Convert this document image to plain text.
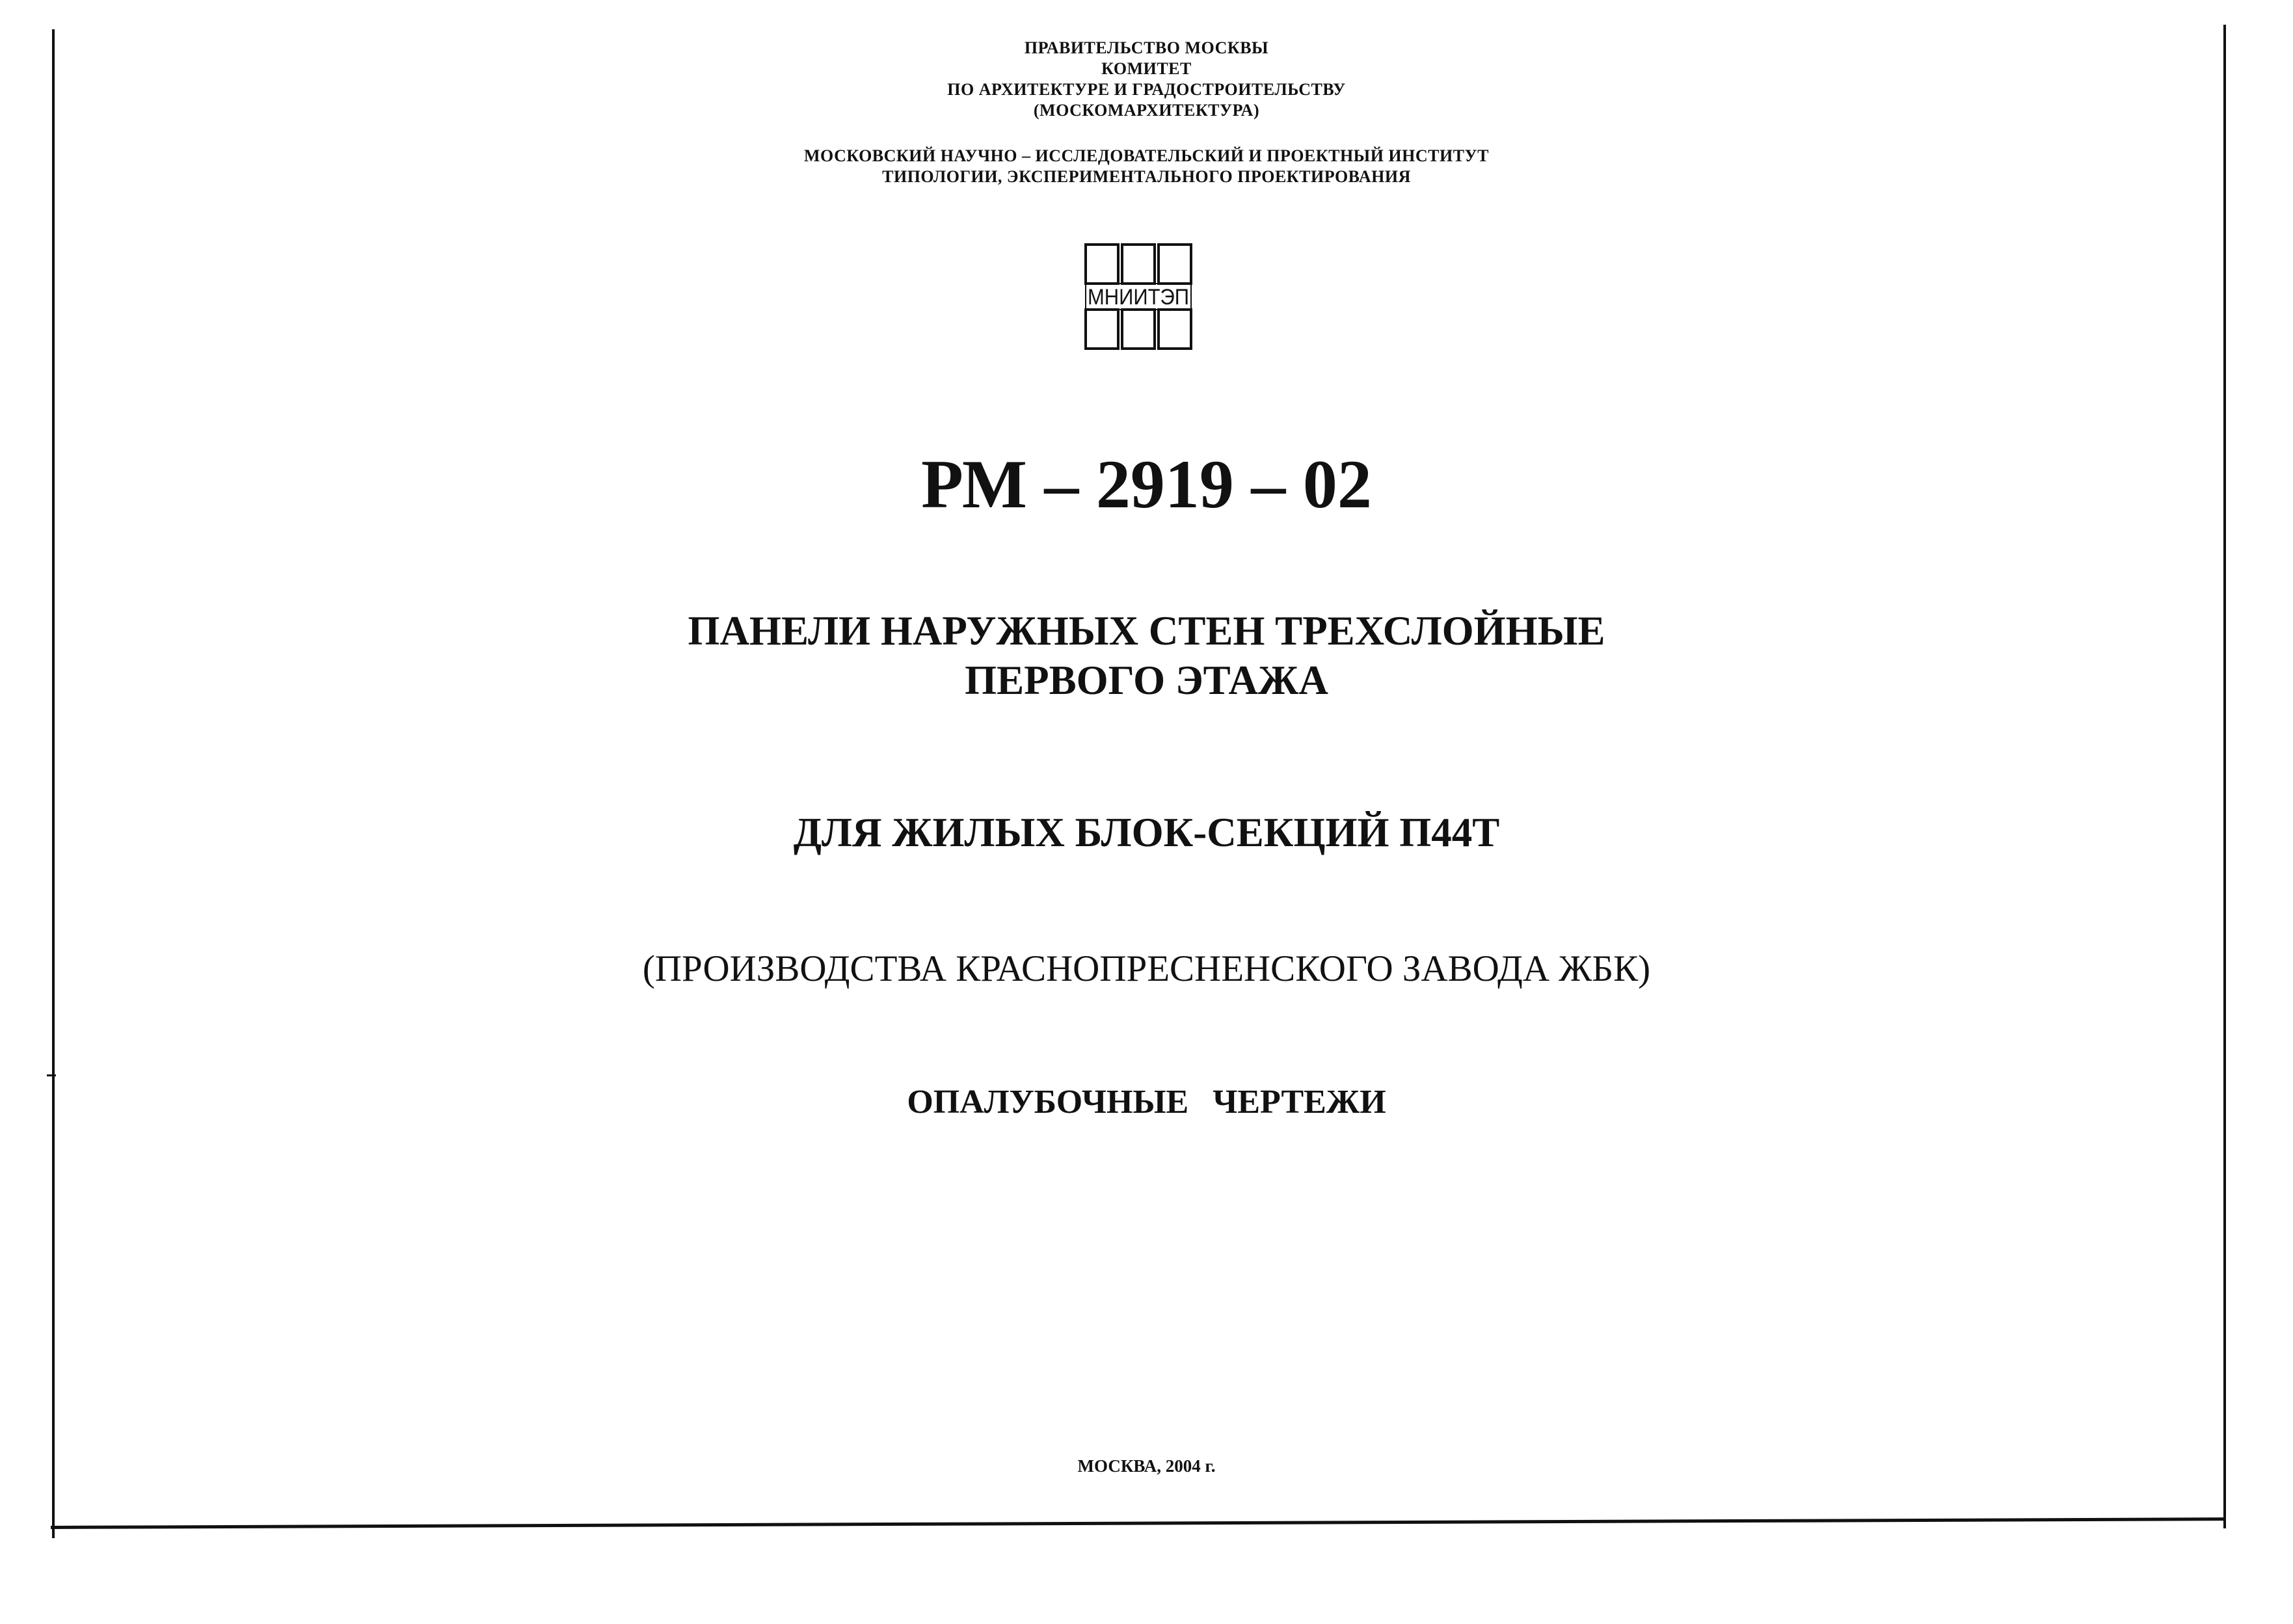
ПРАВИТЕЛЬСТВО МОСКВЫ

КОМИТЕТ

ПО АРХИТЕКТУРЕ И ГРАДОСТРОИТЕЛЬСТВУ

(МОСКОМАРХИТЕКТУРА)

МОСКОВСКИЙ НАУЧНО – ИССЛЕДОВАТЕЛЬСКИЙ И ПРОЕКТНЫЙ ИНСТИТУТ

ТИПОЛОГИИ, ЭКСПЕРИМЕНТАЛЬНОГО ПРОЕКТИРОВАНИЯ

МНИИТЭП

РМ – 2919 – 02

ПАНЕЛИ НАРУЖНЫХ СТЕН ТРЕХСЛОЙНЫЕ

ПЕРВОГО ЭТАЖА

ДЛЯ ЖИЛЫХ БЛОК-СЕКЦИЙ П44Т

(ПРОИЗВОДСТВА КРАСНОПРЕСНЕНСКОГО ЗАВОДА ЖБК)

ОПАЛУБОЧНЫЕ ЧЕРТЕЖИ

МОСКВА, 2004 г.
